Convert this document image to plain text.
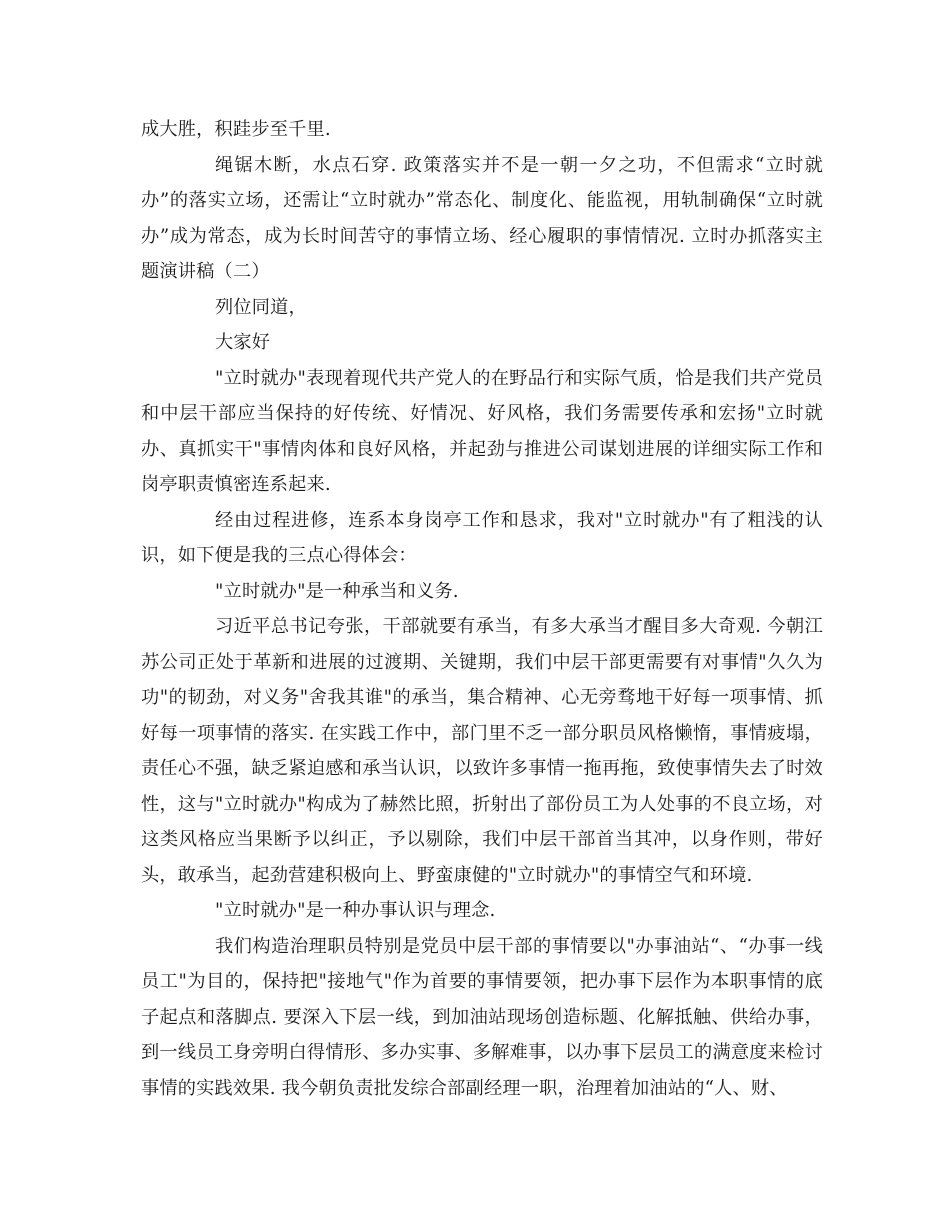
成大胜，积跬步至千里.

绳锯木断，水点石穿. 政策落实并不是一朝一夕之功，不但需求“立时就办”的落实立场，还需让“立时就办”常态化、制度化、能监视，用轨制确保“立时就办”成为常态，成为长时间苦守的事情立场、经心履职的事情情况. 立时办抓落实主题演讲稿（二）

列位同道，

大家好

"立时就办"表现着现代共产党人的在野品行和实际气质，恰是我们共产党员和中层干部应当保持的好传统、好情况、好风格，我们务需要传承和宏扬"立时就办、真抓实干"事情肉体和良好风格，并起劲与推进公司谋划进展的详细实际工作和岗亭职责慎密连系起来.

经由过程进修，连系本身岗亭工作和恳求，我对"立时就办"有了粗浅的认识，如下便是我的三点心得体会：

"立时就办"是一种承当和义务.

习近平总书记夸张，干部就要有承当，有多大承当才醒目多大奇观. 今朝江苏公司正处于革新和进展的过渡期、关键期，我们中层干部更需要有对事情"久久为功"的韧劲，对义务"舍我其谁"的承当，集合精神、心无旁骛地干好每一项事情、抓好每一项事情的落实. 在实践工作中，部门里不乏一部分职员风格懒惰，事情疲塌，责任心不强，缺乏紧迫感和承当认识，以致许多事情一拖再拖，致使事情失去了时效性，这与"立时就办"构成为了赫然比照，折射出了部份员工为人处事的不良立场，对这类风格应当果断予以纠正，予以剔除，我们中层干部首当其冲，以身作则，带好头，敢承当，起劲营建积极向上、野蛮康健的"立时就办"的事情空气和环境.

"立时就办"是一种办事认识与理念.

我们构造治理职员特别是党员中层干部的事情要以"办事油站“、“办事一线员工"为目的，保持把"接地气"作为首要的事情要领，把办事下层作为本职事情的底子起点和落脚点. 要深入下层一线，到加油站现场创造标题、化解抵触、供给办事，到一线员工身旁明白得情形、多办实事、多解难事，以办事下层员工的满意度来检讨事情的实践效果. 我今朝负责批发综合部副经理一职，治理着加油站的“人、财、
